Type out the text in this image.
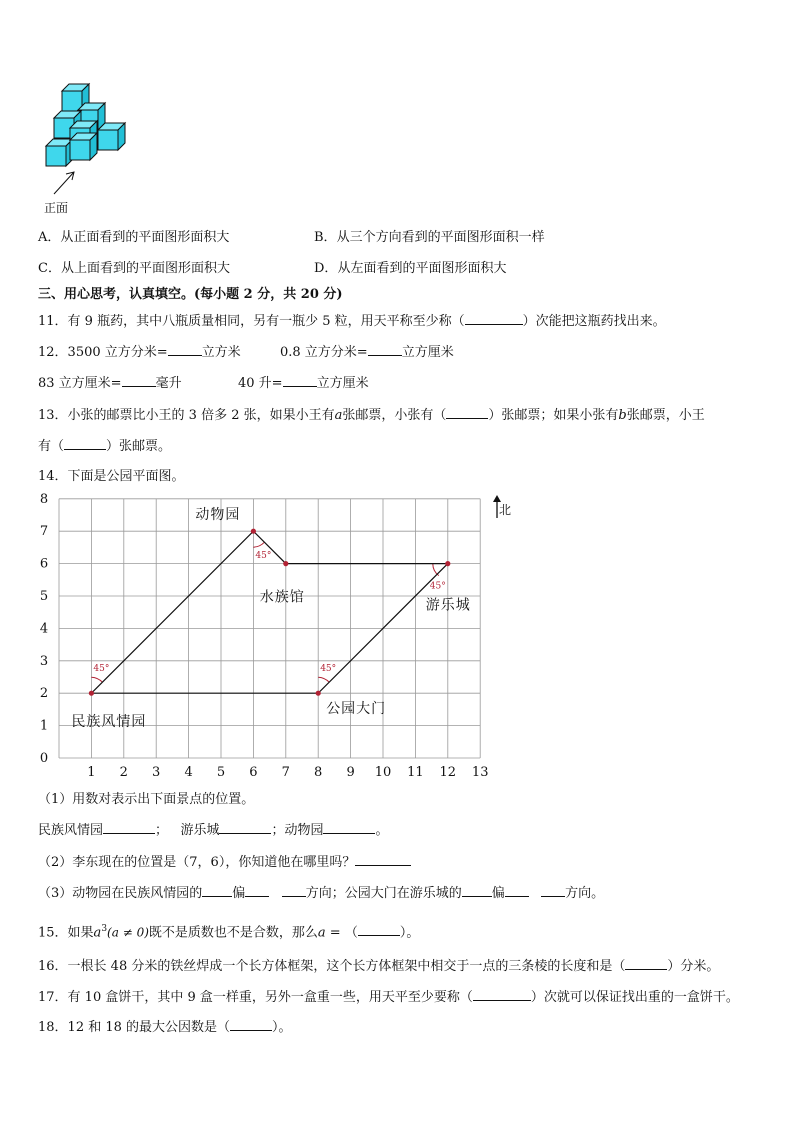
正面
A．从正面看到的平面图形面积大	B．从三个方向看到的平面图形面积一样
C．从上面看到的平面图形面积大	D．从左面看到的平面图形面积大
三、用心思考，认真填空。(每小题 2 分，共 20 分)
11．有 9 瓶药，其中八瓶质量相同，另有一瓶少 5 粒，用天平称至少称（	）次能把这瓶药找出来。
12．3500 立方分米=	立方米	0.8 立方分米=	立方厘米
83 立方厘米=	毫升	40 升=	立方厘米
13．小张的邮票比小王的 3 倍多 2 张，如果小王有a张邮票，小张有（	）张邮票；如果小张有b张邮票，小王
有（	）张邮票。
14．下面是公园平面图。
1 2 3 4 5 6 7 8 9 10 11 12 13
0
1
2
3
4
5
6
7
8
45°
45°
45°
45°
民族风情园
动物园
水族馆	游乐城
公园大门
北
（1）用数对表示出下面景点的位置。
民族风情园	； 游乐城	；动物园	。
（2）李东现在的位置是（7，6），你知道他在哪里吗？
（3）动物园在民族风情园的 偏	方向；公园大门在游乐城的 偏	方向。
15．如果$a^3(a \ne 0)$既不是质数也不是合数，那么a = （	）。
16．一根长 48 分米的铁丝焊成一个长方体框架，这个长方体框架中相交于一点的三条棱的长度和是（	）分米。
17．有 10 盒饼干，其中 9 盒一样重，另外一盒重一些，用天平至少要称（	）次就可以保证找出重的一盒饼干。
18．12 和 18 的最大公因数是（	）。
